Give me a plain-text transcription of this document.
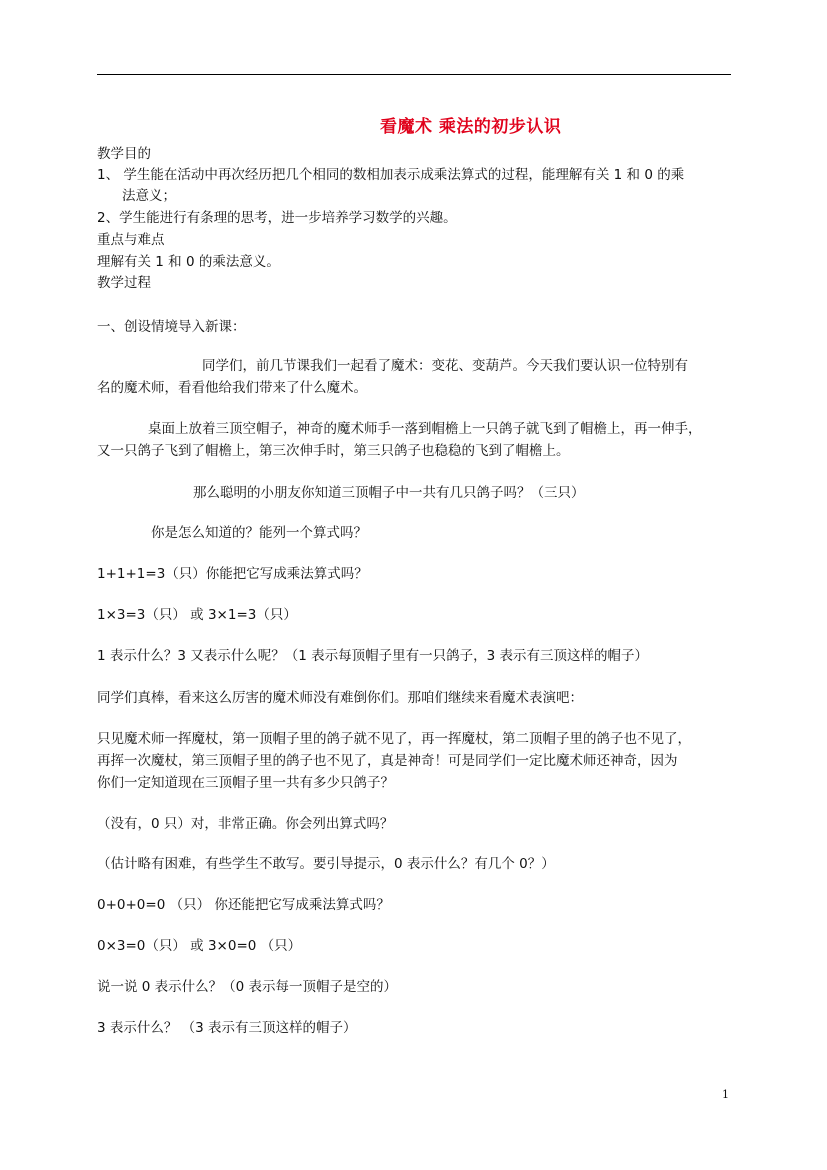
看魔术 乘法的初步认识
教学目的
1、 学生能在活动中再次经历把几个相同的数相加表示成乘法算式的过程，能理解有关 1 和 0 的乘
法意义；
2、学生能进行有条理的思考，进一步培养学习数学的兴趣。
重点与难点
理解有关 1 和 0 的乘法意义。
教学过程
一、创设情境导入新课：
同学们，前几节课我们一起看了魔术：变花、变葫芦。今天我们要认识一位特别有
名的魔术师，看看他给我们带来了什么魔术。
桌面上放着三顶空帽子，神奇的魔术师手一落到帽檐上一只鸽子就飞到了帽檐上，再一伸手，
又一只鸽子飞到了帽檐上，第三次伸手时，第三只鸽子也稳稳的飞到了帽檐上。
那么聪明的小朋友你知道三顶帽子中一共有几只鸽子吗？（三只）
你是怎么知道的？能列一个算式吗？
1+1+1=3（只）你能把它写成乘法算式吗？
1×3=3（只） 或 3×1=3（只）
1 表示什么？3 又表示什么呢？（1 表示每顶帽子里有一只鸽子，3 表示有三顶这样的帽子）
同学们真棒，看来这么厉害的魔术师没有难倒你们。那咱们继续来看魔术表演吧：
只见魔术师一挥魔杖，第一顶帽子里的鸽子就不见了，再一挥魔杖，第二顶帽子里的鸽子也不见了，
再挥一次魔杖，第三顶帽子里的鸽子也不见了，真是神奇！可是同学们一定比魔术师还神奇，因为
你们一定知道现在三顶帽子里一共有多少只鸽子？
（没有，0 只）对，非常正确。你会列出算式吗？
（估计略有困难，有些学生不敢写。要引导提示，0 表示什么？有几个 0？）
0+0+0=0 （只） 你还能把它写成乘法算式吗？
0×3=0（只） 或 3×0=0 （只）
说一说 0 表示什么？（0 表示每一顶帽子是空的）
3 表示什么？ （3 表示有三顶这样的帽子）
1
